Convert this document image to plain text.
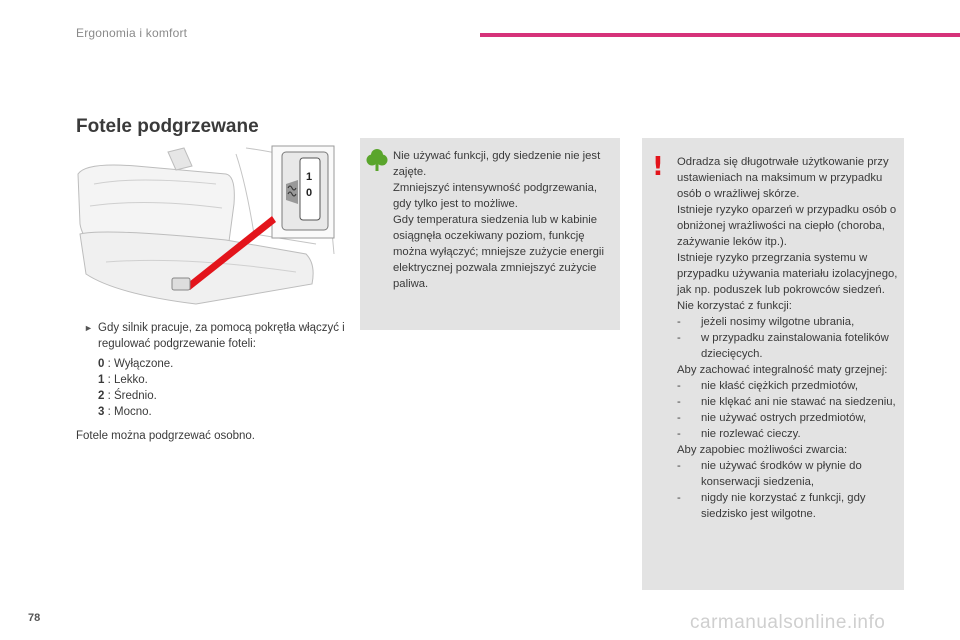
Ergonomia i komfort
Fotele podgrzewane
1
0
► Gdy silnik pracuje, za pomocą pokrętła włączyć i regulować podgrzewanie foteli:
0 : Wyłączone.
1 : Lekko.
2 : Średnio.
3 : Mocno.
Fotele można podgrzewać osobno.
Nie używać funkcji, gdy siedzenie nie jest zajęte.
Zmniejszyć intensywność podgrzewania, gdy tylko jest to możliwe.
Gdy temperatura siedzenia lub w kabinie osiągnęła oczekiwany poziom, funkcję można wyłączyć; mniejsze zużycie energii elektrycznej pozwala zmniejszyć zużycie paliwa.
! Odradza się długotrwałe użytkowanie przy ustawieniach na maksimum w przypadku osób o wrażliwej skórze.
Istnieje ryzyko oparzeń w przypadku osób o obniżonej wrażliwości na ciepło (choroba, zażywanie leków itp.).
Istnieje ryzyko przegrzania systemu w przypadku używania materiału izolacyjnego, jak np. poduszek lub pokrowców siedzeń.
Nie korzystać z funkcji:
- jeżeli nosimy wilgotne ubrania,
- w przypadku zainstalowania fotelików dziecięcych.
Aby zachować integralność maty grzejnej:
- nie kłaść ciężkich przedmiotów,
- nie klękać ani nie stawać na siedzeniu,
- nie używać ostrych przedmiotów,
- nie rozlewać cieczy.
Aby zapobiec możliwości zwarcia:
- nie używać środków w płynie do konserwacji siedzenia,
- nigdy nie korzystać z funkcji, gdy siedzisko jest wilgotne.
78	carmanualsonline.info
